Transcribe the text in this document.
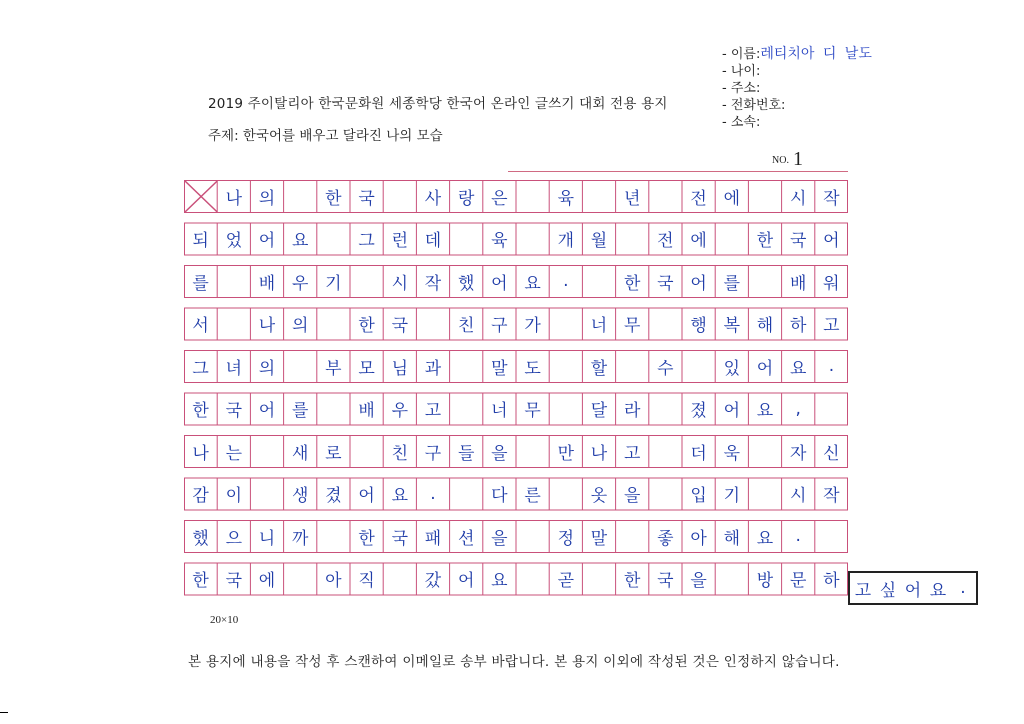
2019 주이탈리아 한국문화원 세종학당 한국어 온라인 글쓰기 대회 전용 용지
주제: 한국어를 배우고 달라진 나의 모습
- 이름:레티치아 디 날도
- 나이:
- 주소:
- 전화번호:
- 소속:
NO. 1
나 의	한 국	사 랑 은	육	년	전 에	시 작
되 었 어 요	그 런 데	육	개 월	전 에	한 국 어
를	배 우 기	시 작 했 어 요	.	한 국 어 를	배 워
서	나 의	한 국	친 구 가	너 무	행 복 해 하 고
그 녀 의	부 모 님 과	말 도	할	수	있 어 요	.
한 국 어 를	배 우 고	너 무	달 라	졌 어 요	,
나 는	새 로	친 구 들 을	만 나 고	더 욱	자 신
감 이	생 겼 어 요	.	다 른	옷 을	입 기	시 작
했 으 니 까	한 국 패 션 을	정 말	좋 아 해 요	.
한 국 에	아 직	갔 어 요	곧	한 국 을	방 문 하 고 싶 어 요 .
20×10
본 용지에 내용을 작성 후 스캔하여 이메일로 송부 바랍니다. 본 용지 이외에 작성된 것은 인정하지 않습니다.
